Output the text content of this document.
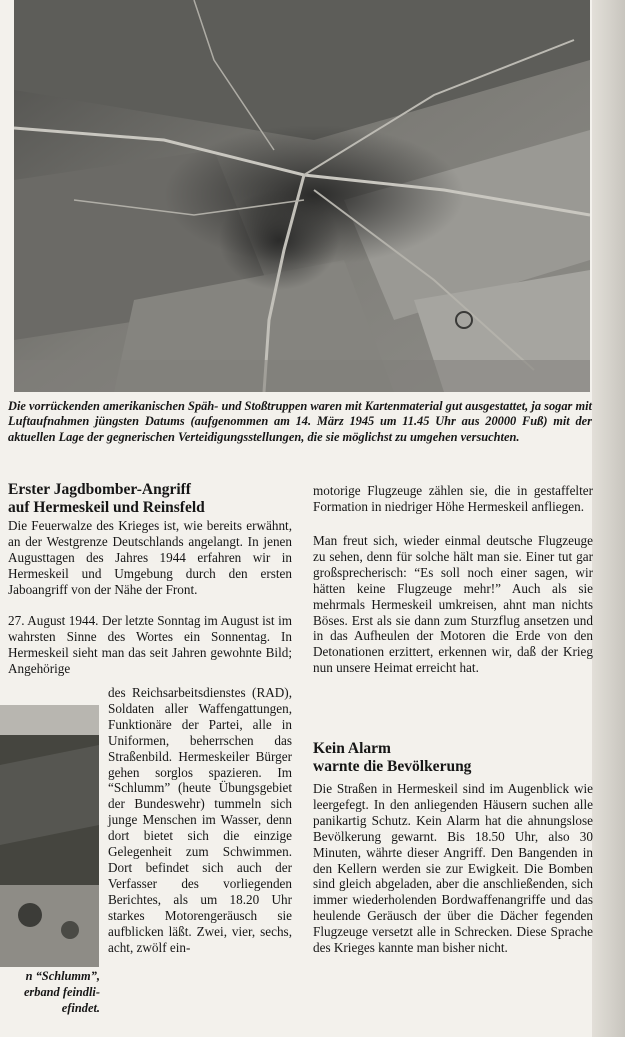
Die vorrückenden amerikanischen Späh- und Stoßtruppen waren mit Kartenmaterial gut ausgestattet, ja sogar mit Luftaufnahmen jüngsten Datums (aufgenommen am 14. März 1945 um 11.45 Uhr aus 20000 Fuß) mit der aktuellen Lage der gegnerischen Verteidigungsstellungen, die sie möglichst zu umgehen versuchten.
Erster Jagdbomber-Angriff
auf Hermeskeil und Reinsfeld
Die Feuerwalze des Krieges ist, wie bereits erwähnt, an der Westgrenze Deutschlands angelangt. In jenen Augusttagen des Jahres 1944 erfahren wir in Hermeskeil und Umgebung durch den ersten Jaboangriff von der Nähe der Front.
27. August 1944. Der letzte Sonntag im August ist im wahrsten Sinne des Wortes ein Sonnentag. In Hermeskeil sieht man das seit Jahren gewohnte Bild; Angehörige
des Reichsarbeitsdienstes (RAD), Soldaten aller Waffengattungen, Funktionäre der Partei, alle in Uniformen, beherrschen das Straßenbild. Hermeskeiler Bürger gehen sorglos spazieren. Im “Schlumm” (heute Übungsgebiet der Bundeswehr) tummeln sich junge Menschen im Wasser, denn dort bietet sich die einzige Gelegenheit zum Schwimmen. Dort befindet sich auch der Verfasser des vorliegenden Berichtes, als um 18.20 Uhr starkes Motorengeräusch sie aufblicken läßt. Zwei, vier, sechs, acht, zwölf ein-
n “Schlumm”,
erband feindli-
efindet.
motorige Flugzeuge zählen sie, die in gestaffelter Formation in niedriger Höhe Hermeskeil anfliegen.
Man freut sich, wieder einmal deutsche Flugzeuge zu sehen, denn für solche hält man sie. Einer tut gar großsprecherisch: “Es soll noch einer sagen, wir hätten keine Flugzeuge mehr!” Auch als sie mehrmals Hermeskeil umkreisen, ahnt man nichts Böses. Erst als sie dann zum Sturzflug ansetzen und in das Aufheulen der Motoren die Erde von den Detonationen erzittert, erkennen wir, daß der Krieg nun unsere Heimat erreicht hat.
Kein Alarm
warnte die Bevölkerung
Die Straßen in Hermeskeil sind im Augenblick wie leergefegt. In den anliegenden Häusern suchen alle panikartig Schutz. Kein Alarm hat die ahnungslose Bevölkerung gewarnt. Bis 18.50 Uhr, also 30 Minuten, währte dieser Angriff. Den Bangenden in den Kellern werden sie zur Ewigkeit. Die Bomben sind gleich abgeladen, aber die anschließenden, sich immer wiederholenden Bordwaffenangriffe und das heulende Geräusch der über die Dächer fegenden Flugzeuge versetzt alle in Schrecken. Diese Sprache des Krieges kannte man bisher nicht.
